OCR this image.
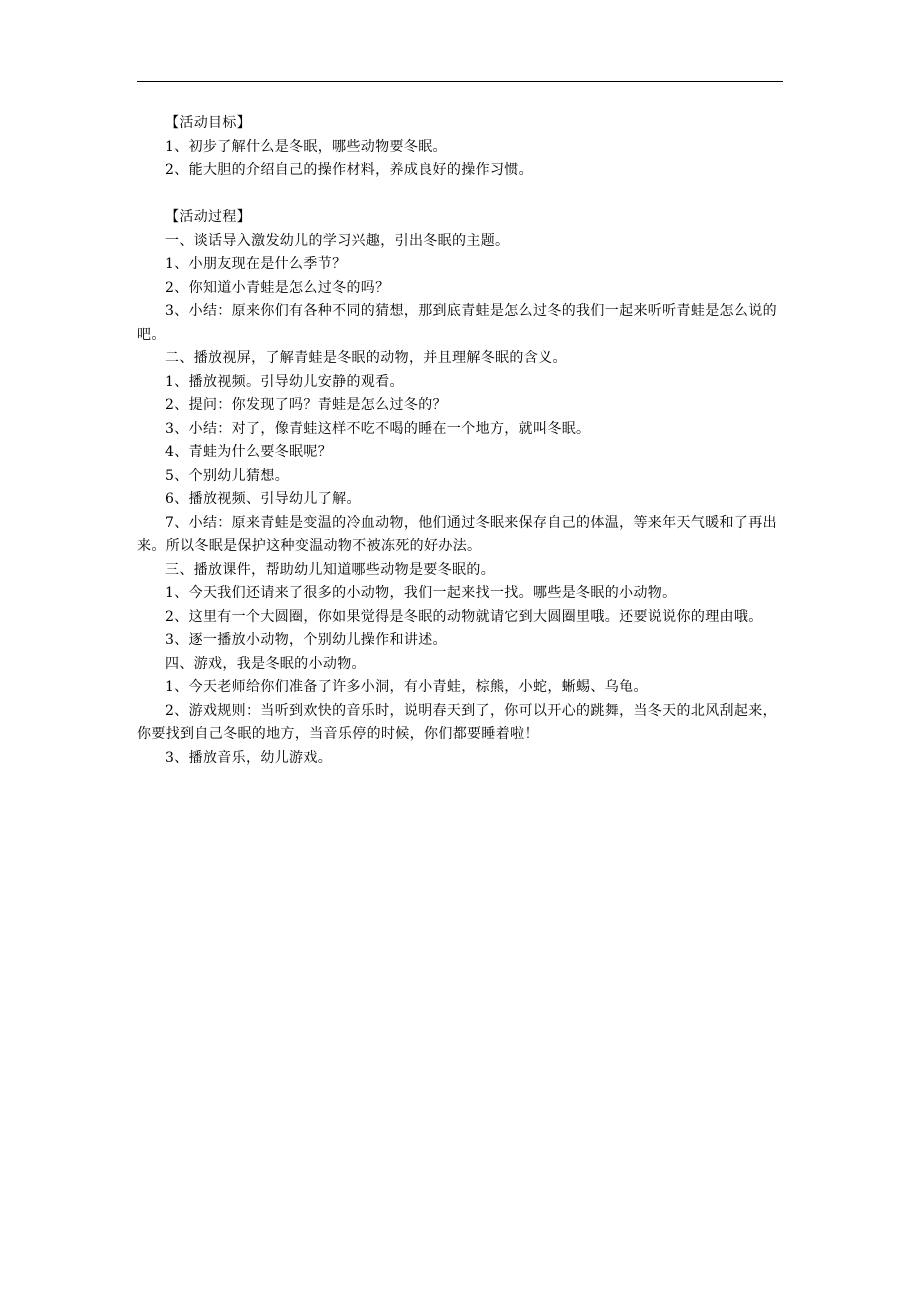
【活动目标】

1、初步了解什么是冬眠，哪些动物要冬眠。

2、能大胆的介绍自己的操作材料，养成良好的操作习惯。

【活动过程】

一、谈话导入激发幼儿的学习兴趣，引出冬眠的主题。

1、小朋友现在是什么季节？

2、你知道小青蛙是怎么过冬的吗？

3、小结：原来你们有各种不同的猜想，那到底青蛙是怎么过冬的我们一起来听听青蛙是怎么说的吧。

二、播放视屏，了解青蛙是冬眠的动物，并且理解冬眠的含义。

1、播放视频。引导幼儿安静的观看。

2、提问：你发现了吗？青蛙是怎么过冬的？

3、小结：对了，像青蛙这样不吃不喝的睡在一个地方，就叫冬眠。

4、青蛙为什么要冬眠呢？

5、个别幼儿猜想。

6、播放视频、引导幼儿了解。

7、小结：原来青蛙是变温的冷血动物，他们通过冬眠来保存自己的体温，等来年天气暖和了再出来。所以冬眠是保护这种变温动物不被冻死的好办法。

三、播放课件，帮助幼儿知道哪些动物是要冬眠的。

1、今天我们还请来了很多的小动物，我们一起来找一找。哪些是冬眠的小动物。

2、这里有一个大圆圈，你如果觉得是冬眠的动物就请它到大圆圈里哦。还要说说你的理由哦。

3、逐一播放小动物，个别幼儿操作和讲述。

四、游戏，我是冬眠的小动物。

1、今天老师给你们准备了许多小洞，有小青蛙，棕熊，小蛇，蜥蜴、乌龟。

2、游戏规则：当听到欢快的音乐时，说明春天到了，你可以开心的跳舞，当冬天的北风刮起来，你要找到自己冬眠的地方，当音乐停的时候，你们都要睡着啦！

3、播放音乐，幼儿游戏。
